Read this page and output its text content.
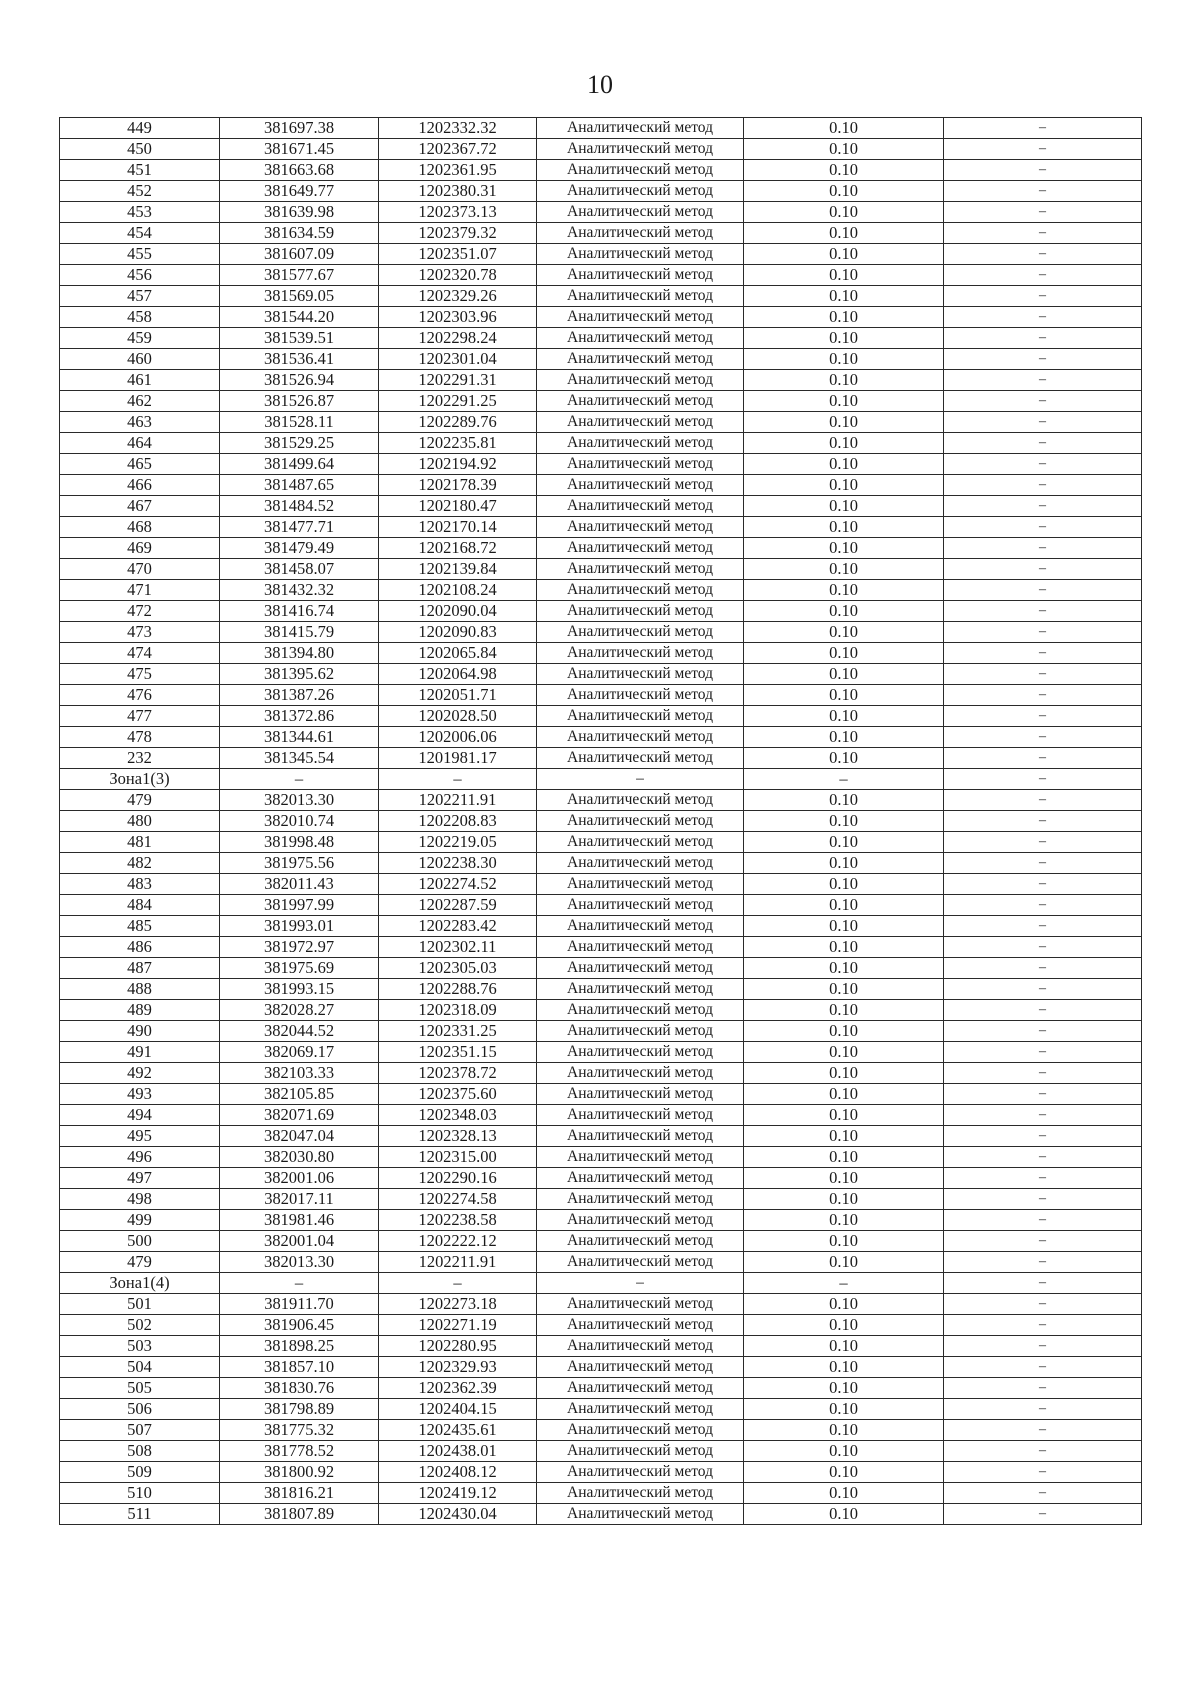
10
449	381697.38	1202332.32	Аналитический метод	0.10	–
450	381671.45	1202367.72	Аналитический метод	0.10	–
451	381663.68	1202361.95	Аналитический метод	0.10	–
452	381649.77	1202380.31	Аналитический метод	0.10	–
453	381639.98	1202373.13	Аналитический метод	0.10	–
454	381634.59	1202379.32	Аналитический метод	0.10	–
455	381607.09	1202351.07	Аналитический метод	0.10	–
456	381577.67	1202320.78	Аналитический метод	0.10	–
457	381569.05	1202329.26	Аналитический метод	0.10	–
458	381544.20	1202303.96	Аналитический метод	0.10	–
459	381539.51	1202298.24	Аналитический метод	0.10	–
460	381536.41	1202301.04	Аналитический метод	0.10	–
461	381526.94	1202291.31	Аналитический метод	0.10	–
462	381526.87	1202291.25	Аналитический метод	0.10	–
463	381528.11	1202289.76	Аналитический метод	0.10	–
464	381529.25	1202235.81	Аналитический метод	0.10	–
465	381499.64	1202194.92	Аналитический метод	0.10	–
466	381487.65	1202178.39	Аналитический метод	0.10	–
467	381484.52	1202180.47	Аналитический метод	0.10	–
468	381477.71	1202170.14	Аналитический метод	0.10	–
469	381479.49	1202168.72	Аналитический метод	0.10	–
470	381458.07	1202139.84	Аналитический метод	0.10	–
471	381432.32	1202108.24	Аналитический метод	0.10	–
472	381416.74	1202090.04	Аналитический метод	0.10	–
473	381415.79	1202090.83	Аналитический метод	0.10	–
474	381394.80	1202065.84	Аналитический метод	0.10	–
475	381395.62	1202064.98	Аналитический метод	0.10	–
476	381387.26	1202051.71	Аналитический метод	0.10	–
477	381372.86	1202028.50	Аналитический метод	0.10	–
478	381344.61	1202006.06	Аналитический метод	0.10	–
232	381345.54	1201981.17	Аналитический метод	0.10	–
Зона1(3)	–	–	–	–	–
479	382013.30	1202211.91	Аналитический метод	0.10	–
480	382010.74	1202208.83	Аналитический метод	0.10	–
481	381998.48	1202219.05	Аналитический метод	0.10	–
482	381975.56	1202238.30	Аналитический метод	0.10	–
483	382011.43	1202274.52	Аналитический метод	0.10	–
484	381997.99	1202287.59	Аналитический метод	0.10	–
485	381993.01	1202283.42	Аналитический метод	0.10	–
486	381972.97	1202302.11	Аналитический метод	0.10	–
487	381975.69	1202305.03	Аналитический метод	0.10	–
488	381993.15	1202288.76	Аналитический метод	0.10	–
489	382028.27	1202318.09	Аналитический метод	0.10	–
490	382044.52	1202331.25	Аналитический метод	0.10	–
491	382069.17	1202351.15	Аналитический метод	0.10	–
492	382103.33	1202378.72	Аналитический метод	0.10	–
493	382105.85	1202375.60	Аналитический метод	0.10	–
494	382071.69	1202348.03	Аналитический метод	0.10	–
495	382047.04	1202328.13	Аналитический метод	0.10	–
496	382030.80	1202315.00	Аналитический метод	0.10	–
497	382001.06	1202290.16	Аналитический метод	0.10	–
498	382017.11	1202274.58	Аналитический метод	0.10	–
499	381981.46	1202238.58	Аналитический метод	0.10	–
500	382001.04	1202222.12	Аналитический метод	0.10	–
479	382013.30	1202211.91	Аналитический метод	0.10	–
Зона1(4)	–	–	–	–	–
501	381911.70	1202273.18	Аналитический метод	0.10	–
502	381906.45	1202271.19	Аналитический метод	0.10	–
503	381898.25	1202280.95	Аналитический метод	0.10	–
504	381857.10	1202329.93	Аналитический метод	0.10	–
505	381830.76	1202362.39	Аналитический метод	0.10	–
506	381798.89	1202404.15	Аналитический метод	0.10	–
507	381775.32	1202435.61	Аналитический метод	0.10	–
508	381778.52	1202438.01	Аналитический метод	0.10	–
509	381800.92	1202408.12	Аналитический метод	0.10	–
510	381816.21	1202419.12	Аналитический метод	0.10	–
511	381807.89	1202430.04	Аналитический метод	0.10	–
